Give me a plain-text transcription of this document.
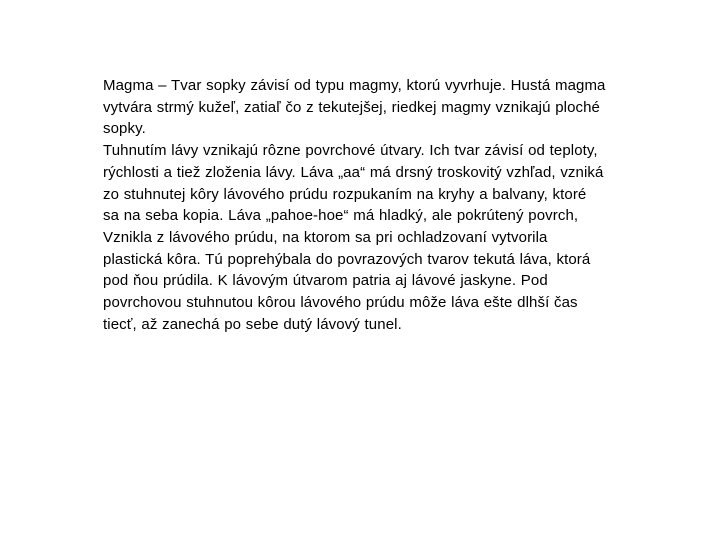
Magma – Tvar sopky závisí od typu magmy, ktorú vyvrhuje. Hustá magma
vytvára strmý kužeľ, zatiaľ čo z tekutejšej, riedkej magmy vznikajú ploché
sopky.
Tuhnutím lávy vznikajú rôzne povrchové útvary. Ich tvar závisí od teploty,
rýchlosti a tiež zloženia lávy. Láva „aa“ má drsný troskovitý vzhľad, vzniká
zo stuhnutej kôry lávového prúdu rozpukaním na kryhy a balvany, ktoré
sa na seba kopia. Láva „pahoe-hoe“ má hladký, ale pokrútený povrch,
Vznikla z lávového prúdu, na ktorom sa pri ochladzovaní vytvorila
plastická kôra. Tú poprehýbala do povrazových tvarov tekutá láva, ktorá
pod ňou prúdila. K lávovým útvarom patria aj lávové jaskyne. Pod
povrchovou stuhnutou kôrou lávového prúdu môže láva ešte dlhší čas
tiecť, až zanechá po sebe dutý lávový tunel.
